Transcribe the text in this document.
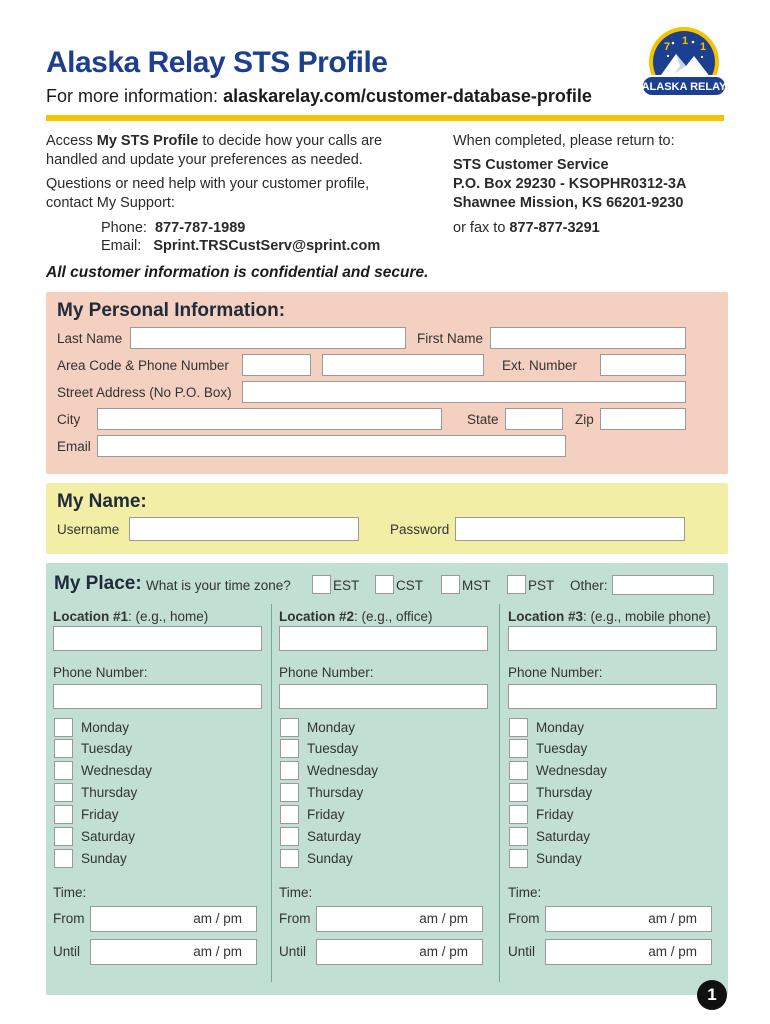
Alaska Relay STS Profile
For more information: alaskarelay.com/customer-database-profile
7 1 1
ALASKA RELAY
Access My STS Profile to decide how your calls are
handled and update your preferences as needed.
Questions or need help with your customer profile,
contact My Support:
Phone: 877-787-1989
Email: Sprint.TRSCustServ@sprint.com
When completed, please return to:
STS Customer Service
P.O. Box 29230 - KSOPHR0312-3A
Shawnee Mission, KS 66201-9230
or fax to 877-877-3291
All customer information is confidential and secure.
My Personal Information:
Last Name	First Name
Area Code & Phone Number	Ext. Number
Street Address (No P.O. Box)
City	State	Zip
Email
My Name:
Username	Password
My Place: What is your time zone?	EST	CST	MST	PST Other:
Location #1: (e.g., home)
Phone Number:
Monday
Tuesday
Wednesday
Thursday
Friday
Saturday
Sunday
Time:
From	am / pm
Until	am / pm
Location #2: (e.g., office)
Phone Number:
Monday
Tuesday
Wednesday
Thursday
Friday
Saturday
Sunday
Time:
From	am / pm
Until	am / pm
Location #3: (e.g., mobile phone)
Phone Number:
Monday
Tuesday
Wednesday
Thursday
Friday
Saturday
Sunday
Time:
From	am / pm
Until	am / pm
1
